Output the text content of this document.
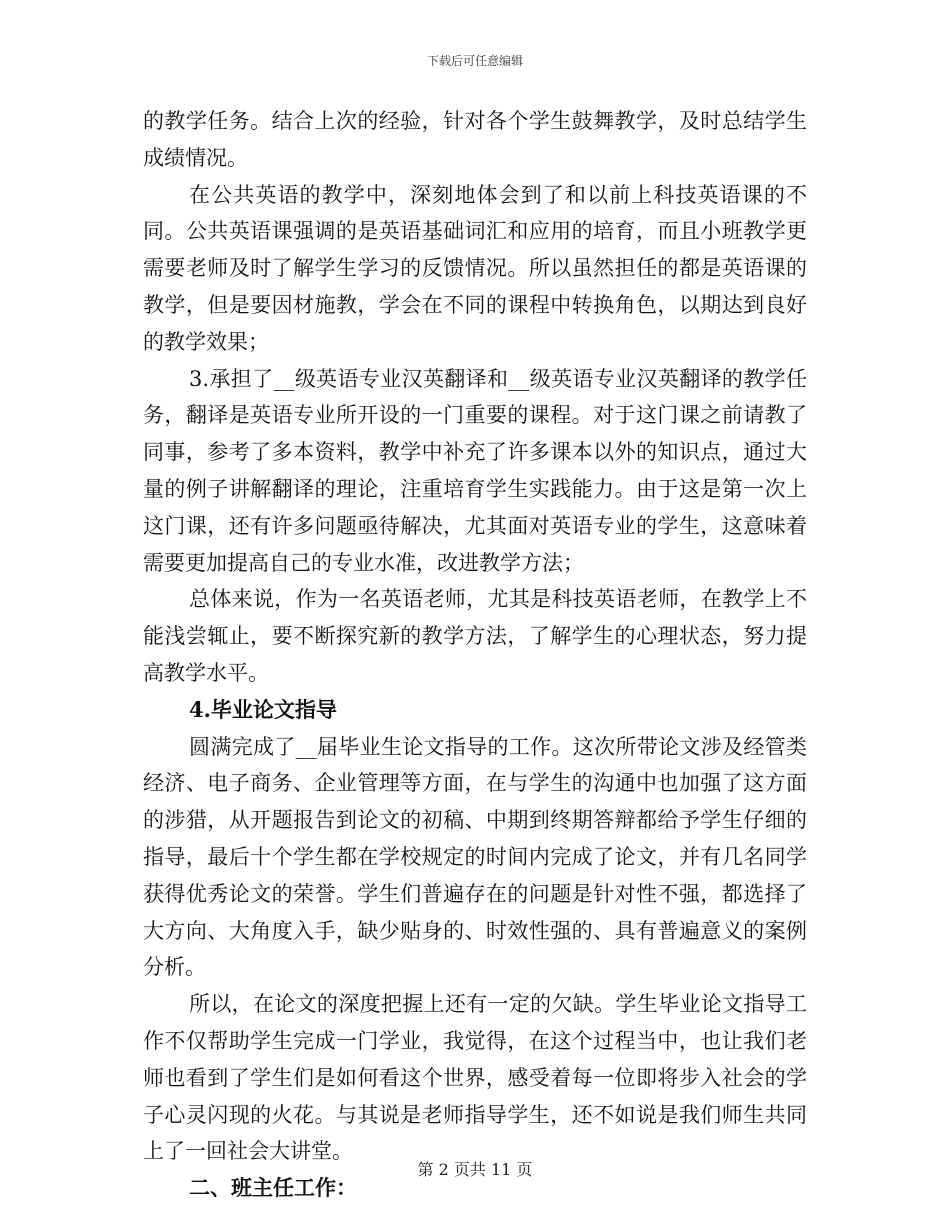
下载后可任意编辑

的教学任务。结合上次的经验，针对各个学生鼓舞教学，及时总结学生成绩情况。

在公共英语的教学中，深刻地体会到了和以前上科技英语课的不同。公共英语课强调的是英语基础词汇和应用的培育，而且小班教学更需要老师及时了解学生学习的反馈情况。所以虽然担任的都是英语课的教学，但是要因材施教，学会在不同的课程中转换角色，以期达到良好的教学效果；

3.承担了__级英语专业汉英翻译和__级英语专业汉英翻译的教学任务，翻译是英语专业所开设的一门重要的课程。对于这门课之前请教了同事，参考了多本资料，教学中补充了许多课本以外的知识点，通过大量的例子讲解翻译的理论，注重培育学生实践能力。由于这是第一次上这门课，还有许多问题亟待解决，尤其面对英语专业的学生，这意味着需要更加提高自己的专业水准，改进教学方法；

总体来说，作为一名英语老师，尤其是科技英语老师，在教学上不能浅尝辄止，要不断探究新的教学方法，了解学生的心理状态，努力提高教学水平。

4.毕业论文指导

圆满完成了__届毕业生论文指导的工作。这次所带论文涉及经管类经济、电子商务、企业管理等方面，在与学生的沟通中也加强了这方面的涉猎，从开题报告到论文的初稿、中期到终期答辩都给予学生仔细的指导，最后十个学生都在学校规定的时间内完成了论文，并有几名同学获得优秀论文的荣誉。学生们普遍存在的问题是针对性不强，都选择了大方向、大角度入手，缺少贴身的、时效性强的、具有普遍意义的案例分析。

所以，在论文的深度把握上还有一定的欠缺。学生毕业论文指导工作不仅帮助学生完成一门学业，我觉得，在这个过程当中，也让我们老师也看到了学生们是如何看这个世界，感受着每一位即将步入社会的学子心灵闪现的火花。与其说是老师指导学生，还不如说是我们师生共同上了一回社会大讲堂。

二、班主任工作：

第 2 页共 11 页
